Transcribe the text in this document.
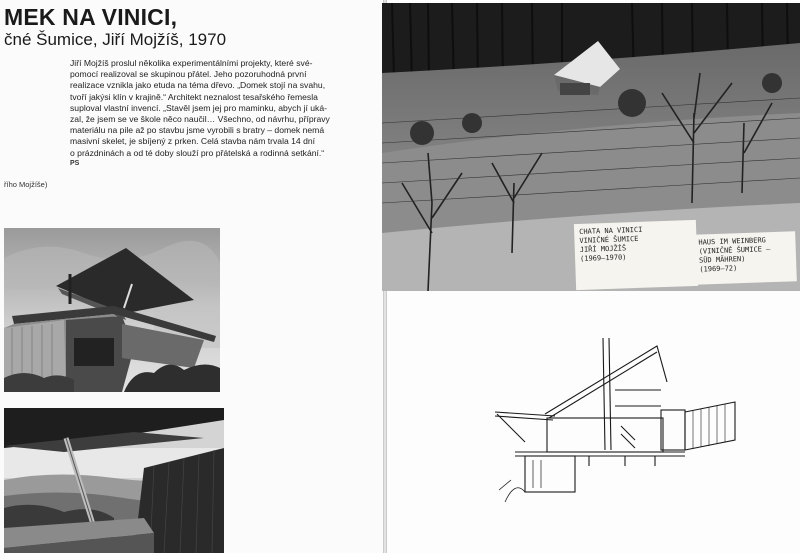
MEK NA VINICI,
čné Šumice, Jiří Mojžíš, 1970

Jiří Mojžíš proslul několika experimentálními projekty, které své-

pomocí realizoval se skupinou přátel. Jeho pozoruhodná první

realizace vznikla jako etuda na téma dřevo. „Domek stojí na svahu,

tvoří jakýsi klín v krajině.“ Architekt neznalost tesařského řemesla

suploval vlastní invencí. „Stavěl jsem jej pro maminku, abych jí uká-

zal, že jsem se ve škole něco naučil… Všechno, od návrhu, přípravy

materiálu na pile až po stavbu jsme vyrobili s bratry – domek nemá

masivní skelet, je sbíjený z prken. Celá stavba nám trvala 14 dní

o prázdninách a od té doby slouží pro přátelská a rodinná setkání.“

PS
řího Mojžíše)
CHATA NA VINICI
VINIČNÉ ŠUMICE
JIŘÍ MOJŽÍŠ
(1969–1970)
HAUS IM WEINBERG
(VINIČNÉ ŠUMICE –
SÜD MÄHREN)
(1969–72)
